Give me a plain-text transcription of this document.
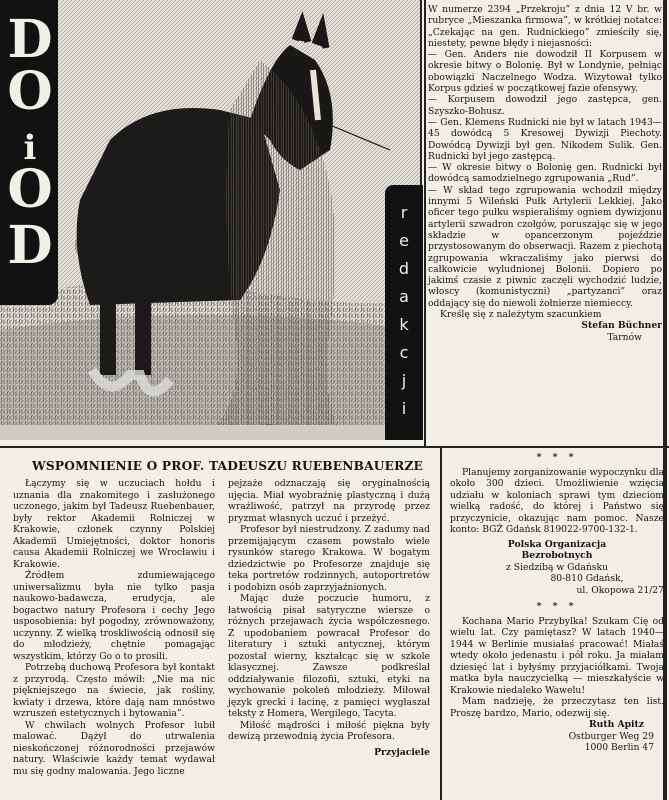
D
O
i
O
D
r
e
d
a
k
c
j
i

W numerze 2394 „Przekroju” z dnia 12 V br. w rubryce „Mieszanka firmowa”, w krótkiej notatce: „Czekając na gen. Rudnickiego” zmieściły się, niestety, pewne błędy i niejasności:

— Gen. Anders nie dowodził II Korpusem w okresie bitwy o Bolonię. Był w Londynie, pełniąc obowiązki Naczelnego Wodza. Wizytował tylko Korpus gdzieś w początkowej fazie ofensywy.

— Korpusem dowodził jego zastępca, gen. Szyszko-Bohusz.

— Gen. Klemens Rudnicki nie był w latach 1943—45 dowódcą 5 Kresowej Dywizji Piechoty. Dowódcą Dywizji był gen. Nikodem Sulik. Gen. Rudnicki był jego zastępcą.

— W okresie bitwy o Bolonię gen. Rudnicki był dowódcą samodzielnego zgrupowania „Rud”.

— W skład tego zgrupowania wchodził między innymi 5 Wileński Pułk Artylerii Lekkiej. Jako oficer tego pułku wspieraliśmy ogniem dywizjonu artylerii szwadron czołgów, poruszając się w jego składzie w opancerzonym pojeździe przystosowanym do obserwacji. Razem z piechotą zgrupowania wkraczaliśmy jako pierwsi do całkowicie wyludnionej Bolonii. Dopiero po jakimś czasie z piwnic zaczęli wychodzić ludzie, włoscy (komunistyczni) „partyzanci” oraz oddający się do niewoli żołnierze niemieccy.

Kreślę się z należytym szacunkiem

Stefan Büchner

Tarnów

WSPOMNIENIE O PROF. TADEUSZU RUEBENBAUERZE

Łączymy się w uczuciach hołdu i uznania dla znakomitego i zasłużonego uczonego, jakim był Tadeusz Ruebenbauer, były rektor Akademii Rolniczej w Krakowie, członek czynny Polskiej Akademii Umiejętności, doktor honoris causa Akademii Rolniczej we Wrocławiu i Krakowie.

Źródłem zdumiewającego uniwersalizmu była nie tylko pasja naukowo-badawcza, erudycja, ale bogactwo natury Profesora i cechy Jego usposobienia: był pogodny, zrównoważony, uczynny. Z wielką troskliwością odnosił się do młodzieży, chętnie pomagając wszystkim, którzy Go o to prosili.

Potrzebą duchową Profesora był kontakt z przyrodą. Często mówił: „Nie ma nic piękniejszego na świecie, jak rośliny, kwiaty i drzewa, które dają nam mnóstwo wzruszeń estetycznych i bytowania”.

W chwilach wolnych Profesor lubił malować. Dążył do utrwalenia nieskończonej różnorodności przejawów natury. Właściwie każdy temat wydawał mu się godny malowania. Jego liczne

pejzaże odznaczają się oryginalnością ujęcia. Miał wyobraźnię plastyczną i dużą wrażliwość, patrzył na przyrodę przez pryzmat własnych uczuć i przeżyć.

Profesor był niestrudzony. Z zadumy nad przemijającym czasem powstało wiele rysunków starego Krakowa. W bogatym dziedzictwie po Profesorze znajduje się teka portretów rodzinnych, autoportretów i podobizn osób zaprzyjaźnionych.

Mając duże poczucie humoru, z łatwością pisał satyryczne wiersze o różnych przejawach życia współczesnego. Z upodobaniem powracał Profesor do literatury i sztuki antycznej, którym pozostał wierny, kształcąc się w szkole klasycznej. Zawsze podkreślał oddziaływanie filozofii, sztuki, etyki na wychowanie pokoleń młodzieży. Miłował język grecki i łacinę, z pamięci wygłaszał teksty z Homera, Wergilego, Tacyta.

Miłość mądrości i miłość piękna były dewizą przewodnią życia Profesora.

Przyjaciele

* * *

Planujemy zorganizowanie wypoczynku dla około 300 dzieci. Umożliwienie wzięcia udziału w koloniach sprawi tym dzieciom wielką radość, do której i Państwo się przyczynicie, okazując nam pomoc. Nasze konto: BGŻ Gdańsk 819022-9700-132-1.

Polska Organizacja

Bezrobotnych

z Siedzibą w Gdańsku

80-810 Gdańsk,

ul. Okopowa 21/27

* * *

Kochana Mario Przybylka! Szukam Cię od wielu lat. Czy pamiętasz? W latach 1940—1944 w Berlinie musiałaś pracować! Miałaś wtedy około jedenastu i pół roku. Ja miałam dziesięć lat i byłyśmy przyjaciółkami. Twoja matka była nauczycielką — mieszkałyście w Krakowie niedaleko Wawelu!

Mam nadzieję, że przeczytasz ten list. Proszę bardzo, Mario, odezwij się.

Ruth Apitz

Ostburger Weg 29

1000 Berlin 47
